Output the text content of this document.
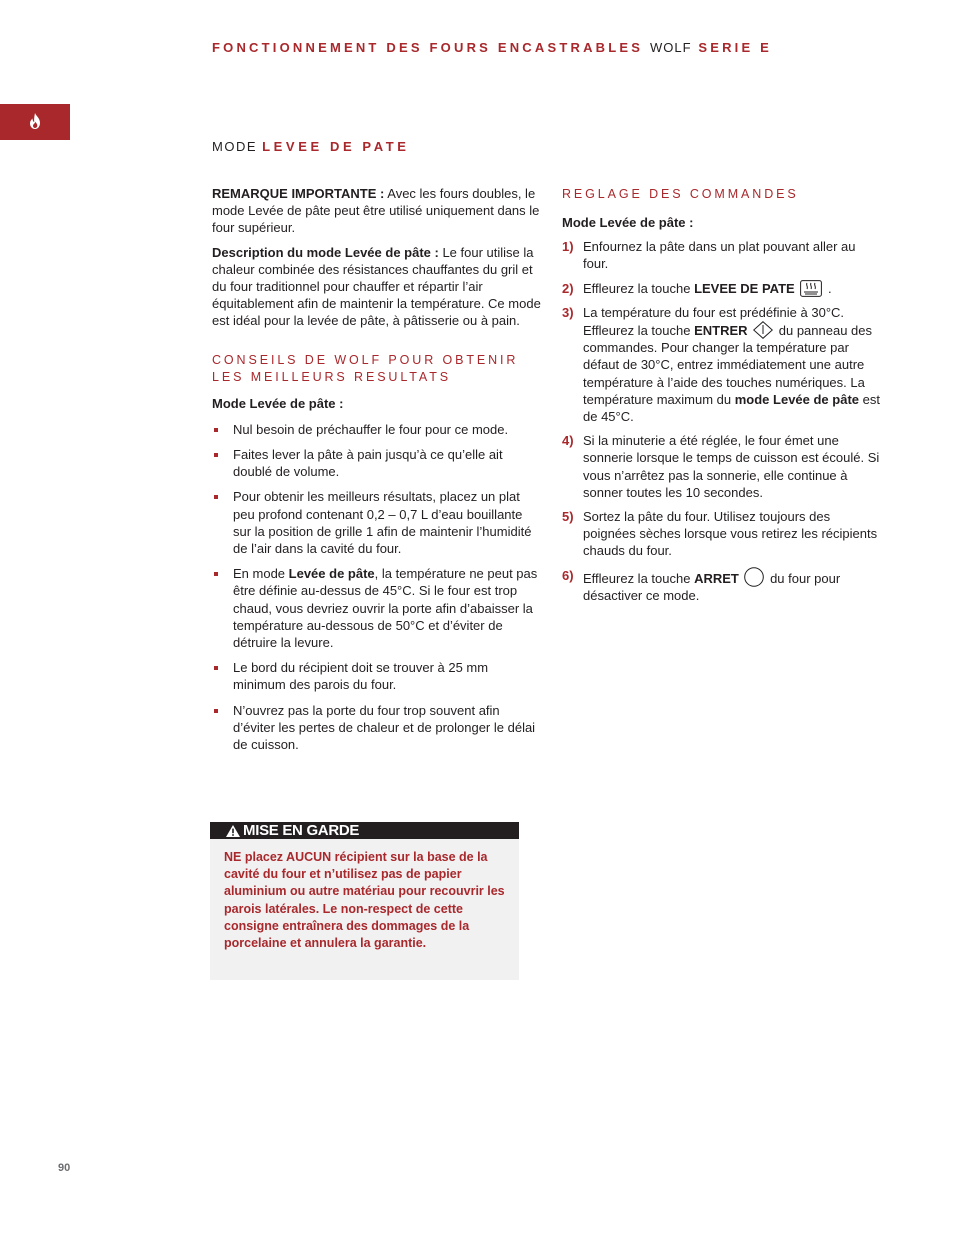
FONCTIONNEMENT DES FOURS ENCASTRABLES WOLF SERIE E
MODE LEVEE DE PATE

REMARQUE IMPORTANTE : Avec les fours doubles, le mode Levée de pâte peut être utilisé uniquement dans le four supérieur.

Description du mode Levée de pâte : Le four utilise la chaleur combinée des résistances chauffantes du gril et du four traditionnel pour chauffer et répartir l’air équitablement afin de maintenir la température. Ce mode est idéal pour la levée de pâte, à pâtisserie ou à pain.

CONSEILS DE WOLF POUR OBTENIR
LES MEILLEURS RESULTATS

Mode Levée de pâte :

Nul besoin de préchauffer le four pour ce mode.
Faites lever la pâte à pain jusqu’à ce qu’elle ait doublé de volume.
Pour obtenir les meilleurs résultats, placez un plat peu profond contenant 0,2 – 0,7 L d’eau bouillante sur la position de grille 1 afin de maintenir l’humidité de l’air dans la cavité du four.
En mode Levée de pâte, la température ne peut pas être définie au-dessus de 45°C. Si le four est trop chaud, vous devriez ouvrir la porte afin d’abaisser la température au-dessous de 50°C et d’éviter de détruire la levure.
Le bord du récipient doit se trouver à 25 mm minimum des parois du four.
N’ouvrez pas la porte du four trop souvent afin d’éviter les pertes de chaleur et de prolonger le délai de cuisson.
MISE EN GARDE
NE placez AUCUN récipient sur la base de la cavité du four et n’utilisez pas de papier aluminium ou autre matériau pour recouvrir les parois latérales. Le non-respect de cette consigne entraînera des dommages de la porcelaine et annulera la garantie.
REGLAGE DES COMMANDES

Mode Levée de pâte :

1) Enfournez la pâte dans un plat pouvant aller au four.
2) Effleurez la touche LEVEE DE PATE  .
3) La température du four est prédéfinie à 30°C. Effleurez la touche ENTRER  du panneau des commandes. Pour changer la température par défaut de 30°C, entrez immédiatement une autre température à l’aide des touches numériques. La température maximum du mode Levée de pâte est de 45°C.
4) Si la minuterie a été réglée, le four émet une sonnerie lorsque le temps de cuisson est écoulé. Si vous n’arrêtez pas la sonnerie, elle continue à sonner toutes les 10 secondes.
5) Sortez la pâte du four. Utilisez toujours des poignées sèches lorsque vous retirez les récipients chauds du four.
6) Effleurez la touche ARRET  du four pour désactiver ce mode.
90
